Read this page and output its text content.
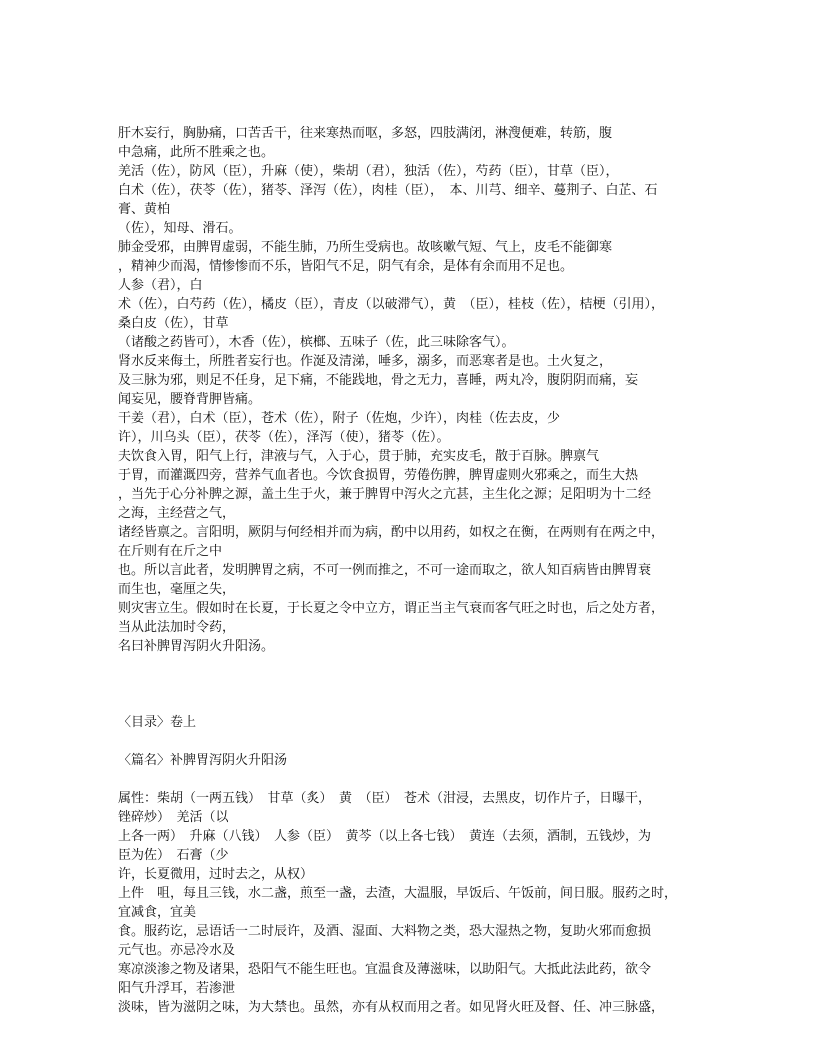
肝木妄行，胸胁痛，口苦舌干，往来寒热而呕，多怒，四肢满闭，淋溲便难，转筋，腹
中急痛，此所不胜乘之也。
羌活（佐），防风（臣），升麻（使），柴胡（君），独活（佐），芍药（臣），甘草（臣），
白术（佐），茯苓（佐），猪苓、泽泻（佐），肉桂（臣），　本、川芎、细辛、蔓荆子、白芷、石
膏、黄柏
（佐），知母、滑石。
肺金受邪，由脾胃虚弱，不能生肺，乃所生受病也。故咳嗽气短、气上，皮毛不能御寒
，精神少而渴，情惨惨而不乐，皆阳气不足，阴气有余，是体有余而用不足也。
人参（君），白
术（佐），白芍药（佐），橘皮（臣），青皮（以破滞气），黄　（臣），桂枝（佐），桔梗（引用），
桑白皮（佐），甘草
（诸酸之药皆可），木香（佐），槟榔、五味子（佐，此三味除客气）。
肾水反来侮土，所胜者妄行也。作涎及清涕，唾多，溺多，而恶寒者是也。土火复之，
及三脉为邪，则足不任身，足下痛，不能践地，骨之无力，喜睡，两丸冷，腹阴阴而痛，妄
闻妄见，腰脊背胛皆痛。
干姜（君），白术（臣），苍术（佐），附子（佐炮，少许），肉桂（佐去皮，少
许），川乌头（臣），茯苓（佐），泽泻（使），猪苓（佐）。
夫饮食入胃，阳气上行，津液与气，入于心，贯于肺，充实皮毛，散于百脉。脾禀气
于胃，而灌溉四旁，营养气血者也。今饮食损胃，劳倦伤脾，脾胃虚则火邪乘之，而生大热
，当先于心分补脾之源，盖土生于火，兼于脾胃中泻火之亢甚，主生化之源；足阳明为十二经
之海，主经营之气，
诸经皆禀之。言阳明，厥阴与何经相并而为病，酌中以用药，如权之在衡，在两则有在两之中，
在斤则有在斤之中
也。所以言此者，发明脾胃之病，不可一例而推之，不可一途而取之，欲人知百病皆由脾胃衰
而生也，毫厘之失，
则灾害立生。假如时在长夏，于长夏之令中立方，谓正当主气衰而客气旺之时也，后之处方者，
当从此法加时令药，
名曰补脾胃泻阴火升阳汤。
〈目录〉卷上
〈篇名〉补脾胃泻阴火升阳汤
属性：柴胡（一两五钱）　甘草（炙）　黄　（臣）　苍术（泔浸，去黑皮，切作片子，日曝干，
锉碎炒）　羌活（以
上各一两）　升麻（八钱）　人参（臣）　黄芩（以上各七钱）　黄连（去须，酒制，五钱炒，为
臣为佐）　石膏（少
许，长夏微用，过时去之，从权）
上件　咀，每且三钱，水二盏，煎至一盏，去渣，大温服，早饭后、午饭前，间日服。服药之时，
宜减食，宜美
食。服药讫，忌语话一二时辰许，及酒、湿面、大料物之类，恐大湿热之物，复助火邪而愈损
元气也。亦忌冷水及
寒凉淡渗之物及诸果，恐阳气不能生旺也。宜温食及薄滋味，以助阳气。大抵此法此药，欲令
阳气升浮耳，若渗泄
淡味，皆为滋阴之味，为大禁也。虽然，亦有从权而用之者。如见肾火旺及督、任、冲三脉盛，
